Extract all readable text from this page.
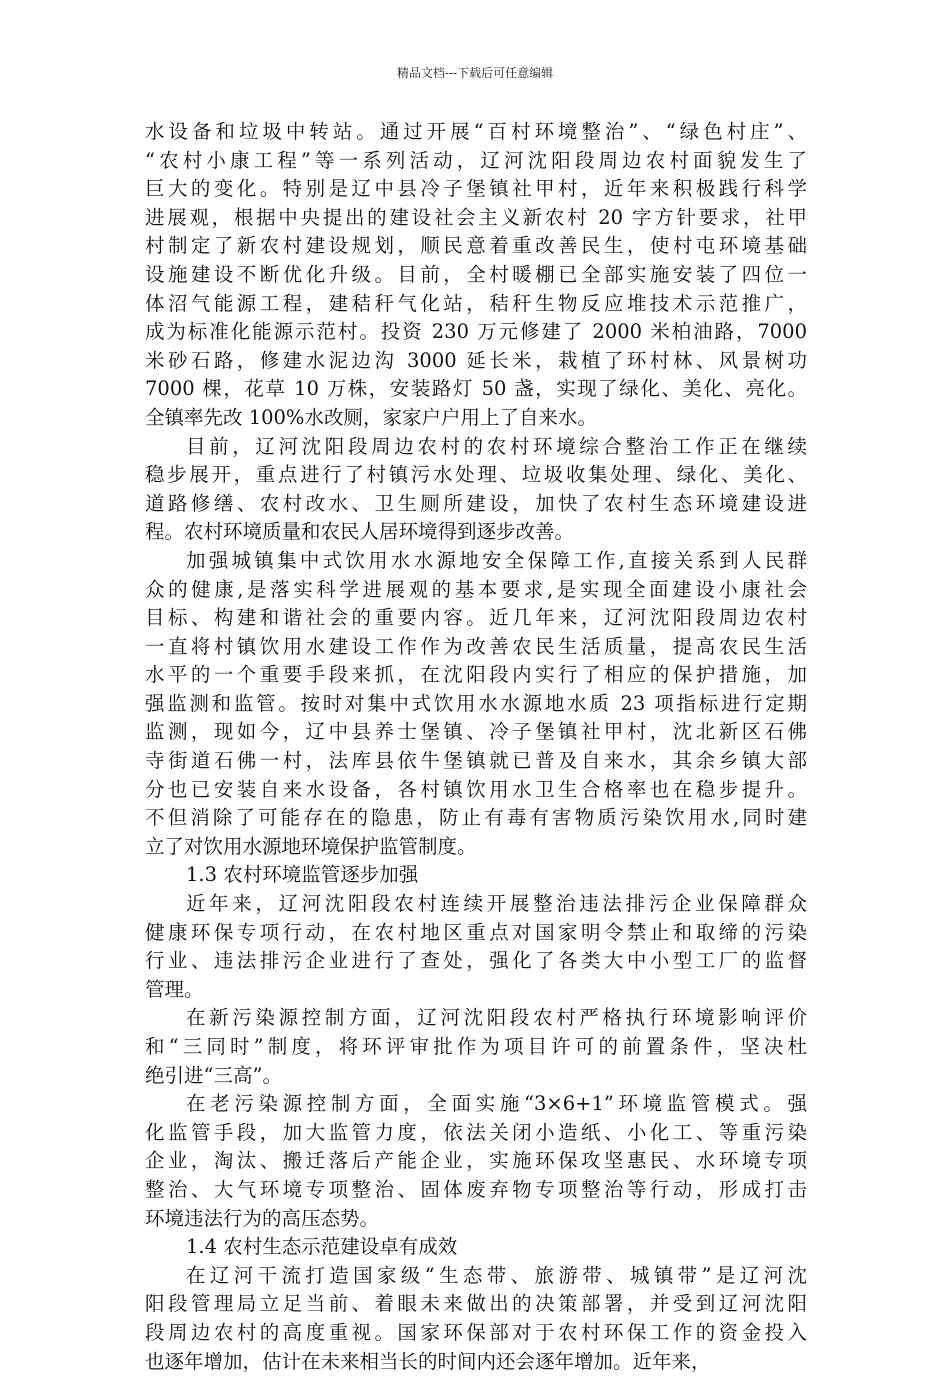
精品文档---下载后可任意编辑
水设备和垃圾中转站。通过开展“百村环境整治”、“绿色村庄”、
“农村小康工程”等一系列活动，辽河沈阳段周边农村面貌发生了
巨大的变化。特别是辽中县冷子堡镇社甲村，近年来积极践行科学
进展观，根据中央提出的建设社会主义新农村 20 字方针要求，社甲
村制定了新农村建设规划，顺民意着重改善民生，使村屯环境基础
设施建设不断优化升级。目前，全村暖棚已全部实施安装了四位一
体沼气能源工程，建秸秆气化站，秸秆生物反应堆技术示范推广，
成为标准化能源示范村。投资 230 万元修建了 2000 米柏油路，7000
米砂石路，修建水泥边沟 3000 延长米，栽植了环村林、风景树功
7000 棵，花草 10 万株，安装路灯 50 盏，实现了绿化、美化、亮化。
全镇率先改 100%水改厕，家家户户用上了自来水。
目前，辽河沈阳段周边农村的农村环境综合整治工作正在继续
稳步展开，重点进行了村镇污水处理、垃圾收集处理、绿化、美化、
道路修缮、农村改水、卫生厕所建设，加快了农村生态环境建设进
程。农村环境质量和农民人居环境得到逐步改善。
加强城镇集中式饮用水水源地安全保障工作,直接关系到人民群
众的健康,是落实科学进展观的基本要求,是实现全面建设小康社会
目标、构建和谐社会的重要内容。近几年来，辽河沈阳段周边农村
一直将村镇饮用水建设工作作为改善农民生活质量，提高农民生活
水平的一个重要手段来抓，在沈阳段内实行了相应的保护措施，加
强监测和监管。按时对集中式饮用水水源地水质 23 项指标进行定期
监测，现如今，辽中县养士堡镇、冷子堡镇社甲村，沈北新区石佛
寺街道石佛一村，法库县依牛堡镇就已普及自来水，其余乡镇大部
分也已安装自来水设备，各村镇饮用水卫生合格率也在稳步提升。
不但消除了可能存在的隐患，防止有毒有害物质污染饮用水,同时建
立了对饮用水源地环境保护监管制度。
1.3 农村环境监管逐步加强
近年来，辽河沈阳段农村连续开展整治违法排污企业保障群众
健康环保专项行动，在农村地区重点对国家明令禁止和取缔的污染
行业、违法排污企业进行了查处，强化了各类大中小型工厂的监督
管理。
在新污染源控制方面，辽河沈阳段农村严格执行环境影响评价
和“三同时”制度，将环评审批作为项目许可的前置条件，坚决杜
绝引进“三高”。
在老污染源控制方面，全面实施“3×6+1”环境监管模式。强
化监管手段，加大监管力度，依法关闭小造纸、小化工、等重污染
企业，淘汰、搬迁落后产能企业，实施环保攻坚惠民、水环境专项
整治、大气环境专项整治、固体废弃物专项整治等行动，形成打击
环境违法行为的高压态势。
1.4 农村生态示范建设卓有成效
在辽河干流打造国家级“生态带、旅游带、城镇带”是辽河沈
阳段管理局立足当前、着眼未来做出的决策部署，并受到辽河沈阳
段周边农村的高度重视。国家环保部对于农村环保工作的资金投入
也逐年增加，估计在未来相当长的时间内还会逐年增加。近年来，
